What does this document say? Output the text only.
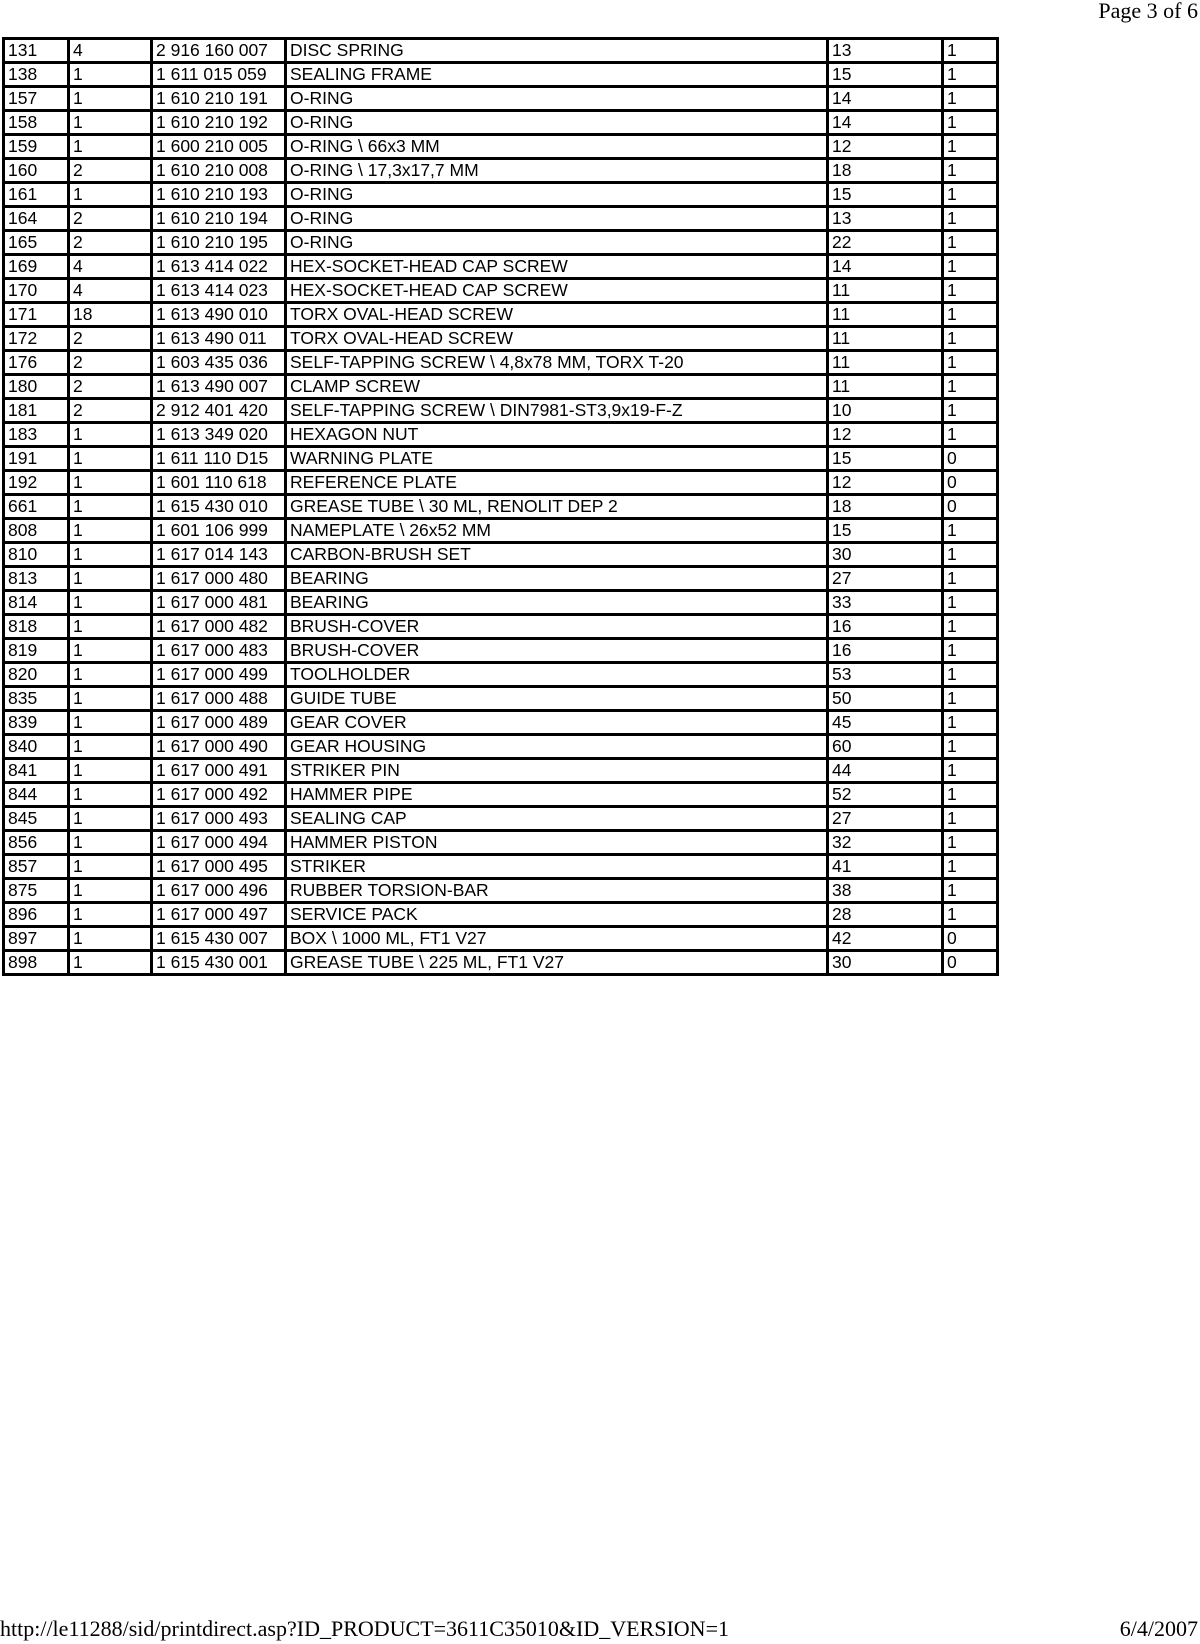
Page 3 of 6
131	4	2 916 160 007	DISC SPRING	13	1
138	1	1 611 015 059	SEALING FRAME	15	1
157	1	1 610 210 191	O-RING	14	1
158	1	1 610 210 192	O-RING	14	1
159	1	1 600 210 005	O-RING \ 66x3 MM	12	1
160	2	1 610 210 008	O-RING \ 17,3x17,7 MM	18	1
161	1	1 610 210 193	O-RING	15	1
164	2	1 610 210 194	O-RING	13	1
165	2	1 610 210 195	O-RING	22	1
169	4	1 613 414 022	HEX-SOCKET-HEAD CAP SCREW	14	1
170	4	1 613 414 023	HEX-SOCKET-HEAD CAP SCREW	11	1
171	18	1 613 490 010	TORX OVAL-HEAD SCREW	11	1
172	2	1 613 490 011	TORX OVAL-HEAD SCREW	11	1
176	2	1 603 435 036	SELF-TAPPING SCREW \ 4,8x78 MM, TORX T-20	11	1
180	2	1 613 490 007	CLAMP SCREW	11	1
181	2	2 912 401 420	SELF-TAPPING SCREW \ DIN7981-ST3,9x19-F-Z	10	1
183	1	1 613 349 020	HEXAGON NUT	12	1
191	1	1 611 110 D15	WARNING PLATE	15	0
192	1	1 601 110 618	REFERENCE PLATE	12	0
661	1	1 615 430 010	GREASE TUBE \ 30 ML, RENOLIT DEP 2	18	0
808	1	1 601 106 999	NAMEPLATE \ 26x52 MM	15	1
810	1	1 617 014 143	CARBON-BRUSH SET	30	1
813	1	1 617 000 480	BEARING	27	1
814	1	1 617 000 481	BEARING	33	1
818	1	1 617 000 482	BRUSH-COVER	16	1
819	1	1 617 000 483	BRUSH-COVER	16	1
820	1	1 617 000 499	TOOLHOLDER	53	1
835	1	1 617 000 488	GUIDE TUBE	50	1
839	1	1 617 000 489	GEAR COVER	45	1
840	1	1 617 000 490	GEAR HOUSING	60	1
841	1	1 617 000 491	STRIKER PIN	44	1
844	1	1 617 000 492	HAMMER PIPE	52	1
845	1	1 617 000 493	SEALING CAP	27	1
856	1	1 617 000 494	HAMMER PISTON	32	1
857	1	1 617 000 495	STRIKER	41	1
875	1	1 617 000 496	RUBBER TORSION-BAR	38	1
896	1	1 617 000 497	SERVICE PACK	28	1
897	1	1 615 430 007	BOX \ 1000 ML, FT1 V27	42	0
898	1	1 615 430 001	GREASE TUBE \ 225 ML, FT1 V27	30	0
http://le11288/sid/printdirect.asp?ID_PRODUCT=3611C35010&ID_VERSION=1	6/4/2007
